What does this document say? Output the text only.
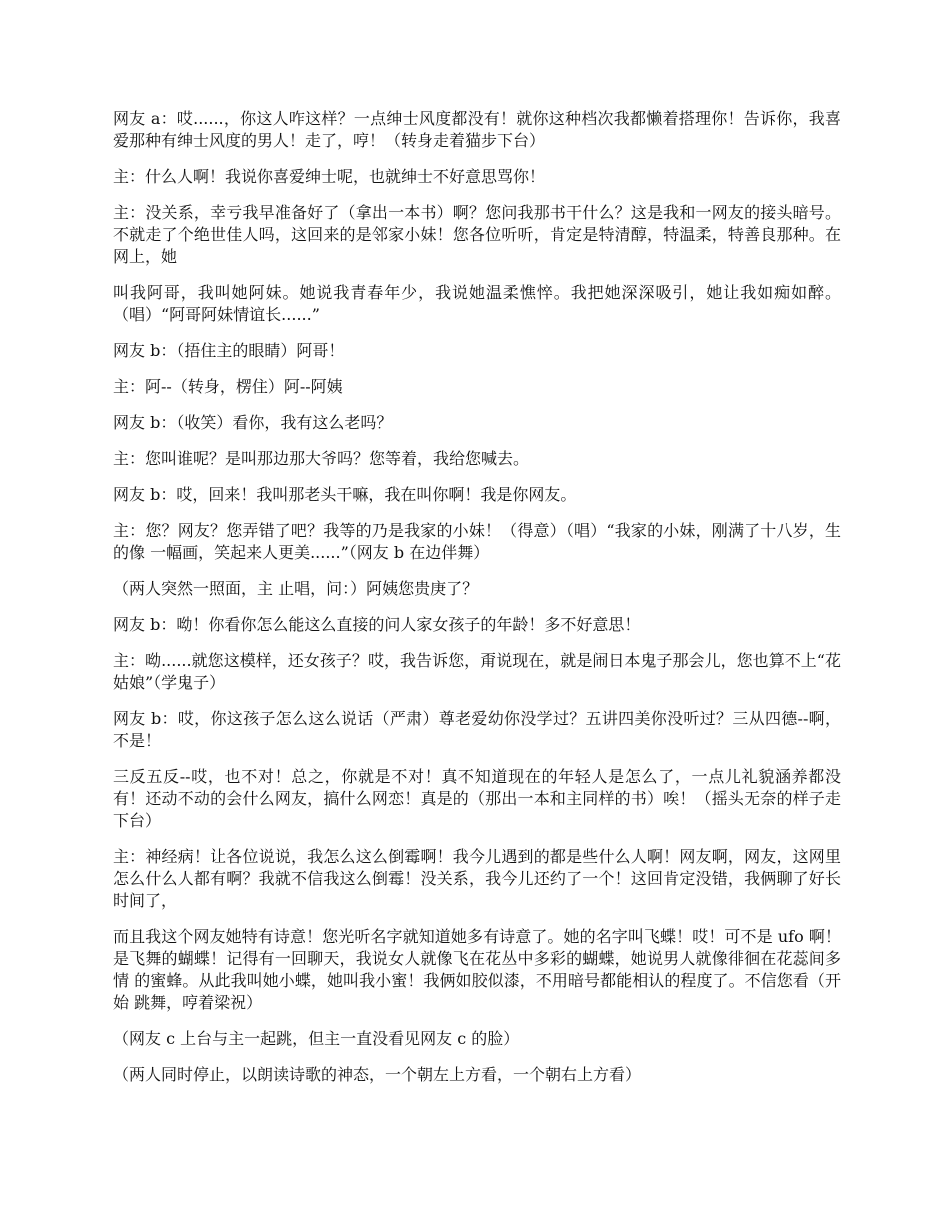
网友 a：哎......，你这人咋这样？一点绅士风度都没有！就你这种档次我都懒着搭理你！告诉你，我喜爱那种有绅士风度的男人！走了，哼！（转身走着猫步下台）

主：什么人啊！我说你喜爱绅士呢，也就绅士不好意思骂你！

主：没关系，幸亏我早准备好了（拿出一本书）啊？您问我那书干什么？这是我和一网友的接头暗号。不就走了个绝世佳人吗，这回来的是邻家小妹！您各位听听，肯定是特清醇，特温柔，特善良那种。在网上，她

叫我阿哥，我叫她阿妹。她说我青春年少，我说她温柔憔悴。我把她深深吸引，她让我如痴如醉。（唱）“阿哥阿妹情谊长......”

网友 b：（捂住主的眼睛）阿哥！

主：阿--（转身，楞住）阿--阿姨

网友 b：（收笑）看你，我有这么老吗？

主：您叫谁呢？是叫那边那大爷吗？您等着，我给您喊去。

网友 b：哎，回来！我叫那老头干嘛，我在叫你啊！我是你网友。

主：您？网友？您弄错了吧？我等的乃是我家的小妹！（得意）（唱）“我家的小妹，刚满了十八岁，生的像 一幅画，笑起来人更美......”（网友 b 在边伴舞）

（两人突然一照面，主 止唱，问：）阿姨您贵庚了？

网友 b：呦！你看你怎么能这么直接的问人家女孩子的年龄！多不好意思！

主：呦......就您这模样，还女孩子？哎，我告诉您，甭说现在，就是闹日本鬼子那会儿，您也算不上“花姑娘”（学鬼子）

网友 b：哎，你这孩子怎么这么说话（严肃）尊老爱幼你没学过？五讲四美你没听过？三从四德--啊，不是！

三反五反--哎，也不对！总之，你就是不对！真不知道现在的年轻人是怎么了，一点儿礼貌涵养都没有！还动不动的会什么网友，搞什么网恋！真是的（那出一本和主同样的书）唉！（摇头无奈的样子走 下台）

主：神经病！让各位说说，我怎么这么倒霉啊！我今儿遇到的都是些什么人啊！网友啊，网友，这网里怎么什么人都有啊？我就不信我这么倒霉！没关系，我今儿还约了一个！这回肯定没错，我俩聊了好长时间了，

而且我这个网友她特有诗意！您光听名字就知道她多有诗意了。她的名字叫飞蝶！哎！可不是 ufo 啊！是飞舞的蝴蝶！记得有一回聊天，我说女人就像飞在花丛中多彩的蝴蝶，她说男人就像徘徊在花蕊间多情 的蜜蜂。从此我叫她小蝶，她叫我小蜜！我俩如胶似漆，不用暗号都能相认的程度了。不信您看（开始 跳舞，哼着梁祝）

（网友 c 上台与主一起跳，但主一直没看见网友 c 的脸）

（两人同时停止，以朗读诗歌的神态，一个朝左上方看，一个朝右上方看）
